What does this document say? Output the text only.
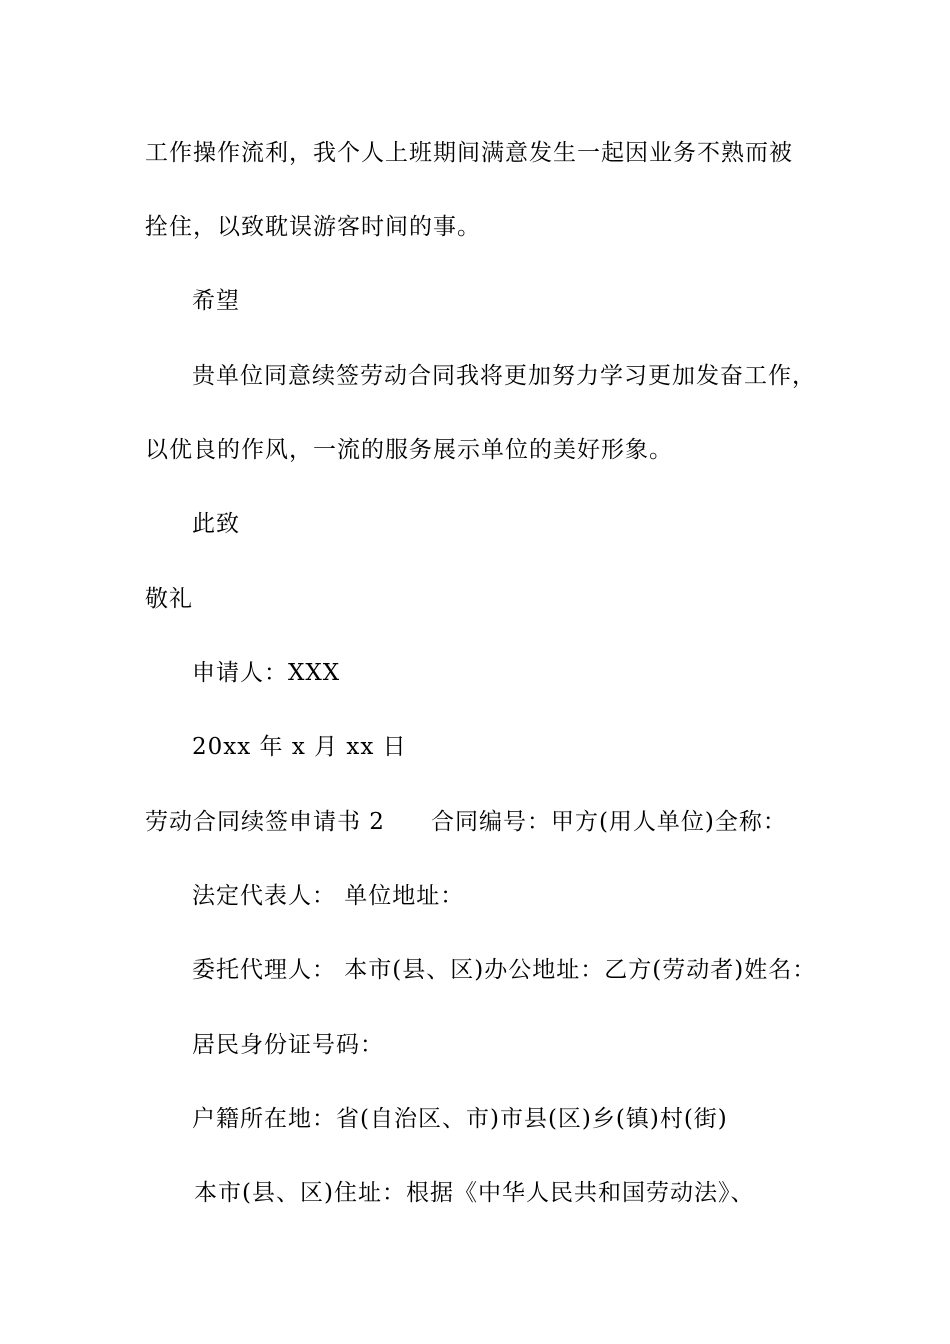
工作操作流利，我个人上班期间满意发生一起因业务不熟而被

拴住，以致耽误游客时间的事。

希望

贵单位同意续签劳动合同我将更加努力学习更加发奋工作，

以优良的作风，一流的服务展示单位的美好形象。

此致

敬礼

申请人：XXX

20xx 年 x 月 xx 日

劳动合同续签申请书 2 合同编号：甲方(用人单位)全称：

法定代表人： 单位地址：

委托代理人： 本市(县、区)办公地址：乙方(劳动者)姓名：

居民身份证号码：

户籍所在地：省(自治区、市)市县(区)乡(镇)村(街)

本市(县、区)住址：根据《中华人民共和国劳动法》、
